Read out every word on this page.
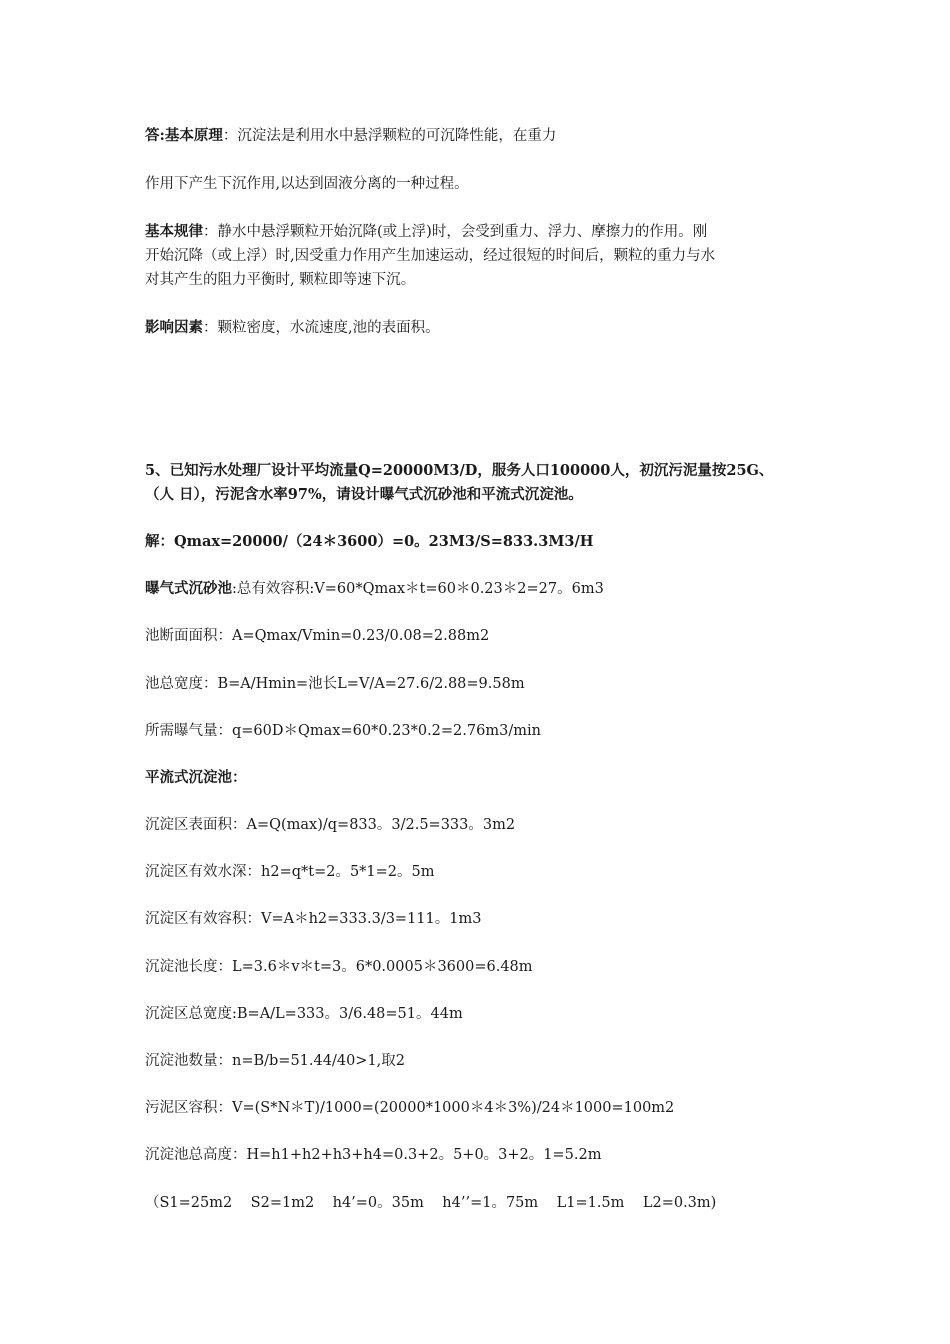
答:基本原理：沉淀法是利用水中悬浮颗粒的可沉降性能，在重力
作用下产生下沉作用,以达到固液分离的一种过程。
基本规律：静水中悬浮颗粒开始沉降(或上浮)时，会受到重力、浮力、摩擦力的作用。刚
开始沉降（或上浮）时,因受重力作用产生加速运动，经过很短的时间后，颗粒的重力与水
对其产生的阻力平衡时, 颗粒即等速下沉。
影响因素：颗粒密度，水流速度,池的表面积。
5、已知污水处理厂设计平均流量Q=20000M3/D，服务人口100000人，初沉污泥量按25G、
（人 日），污泥含水率97%，请设计曝气式沉砂池和平流式沉淀池。
解：Qmax=20000/（24＊3600）=0。23M3/S=833.3M3/H
曝气式沉砂池:总有效容积:V=60*Qmax＊t=60＊0.23＊2=27。6m3
池断面面积：A=Qmax/Vmin=0.23/0.08=2.88m2
池总宽度：B=A/Hmin=池长L=V/A=27.6/2.88=9.58m
所需曝气量：q=60D＊Qmax=60*0.23*0.2=2.76m3/min
平流式沉淀池：
沉淀区表面积：A=Q(max)/q=833。3/2.5=333。3m2
沉淀区有效水深：h2=q*t=2。5*1=2。5m
沉淀区有效容积：V=A＊h2=333.3/3=111。1m3
沉淀池长度：L=3.6＊v＊t=3。6*0.0005＊3600=6.48m
沉淀区总宽度:B=A/L=333。3/6.48=51。44m
沉淀池数量：n=B/b=51.44/40>1,取2
污泥区容积：V=(S*N＊T)/1000=(20000*1000＊4＊3%)/24＊1000=100m2
沉淀池总高度：H=h1+h2+h3+h4=0.3+2。5+0。3+2。1=5.2m
（S1=25m2    S2=1m2    h4’=0。35m    h4’’=1。75m    L1=1.5m    L2=0.3m)
